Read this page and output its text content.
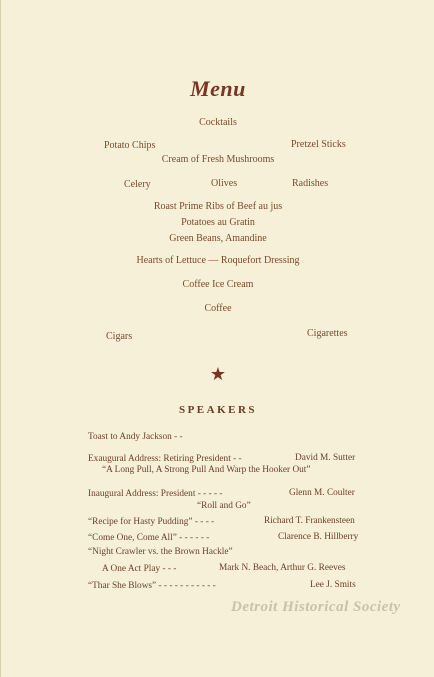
Menu
Cocktails
Potato Chips	Pretzel Sticks
Cream of Fresh Mushrooms
Celery	Olives	Radishes
Roast Prime Ribs of Beef au jus
Potatoes au Gratin
Green Beans, Amandine
Hearts of Lettuce — Roquefort Dressing
Coffee Ice Cream
Coffee
Cigars	Cigarettes
★
SPEAKERS
Toast to Andy Jackson - -
Exaugural Address: Retiring President - -	David M. Sutter
“A Long Pull, A Strong Pull And Warp the Hooker Out”
Inaugural Address: President - - - - -	Glenn M. Coulter
“Roll and Go”
“Recipe for Hasty Pudding” - - - -	Richard T. Frankensteen
“Come One, Come All” - - - - - -	Clarence B. Hillberry
“Night Crawler vs. the Brown Hackle”
A One Act Play - - -	Mark N. Beach, Arthur G. Reeves
“Thar She Blows” - - - - - - - - - - -	Lee J. Smits
Detroit Historical Society
